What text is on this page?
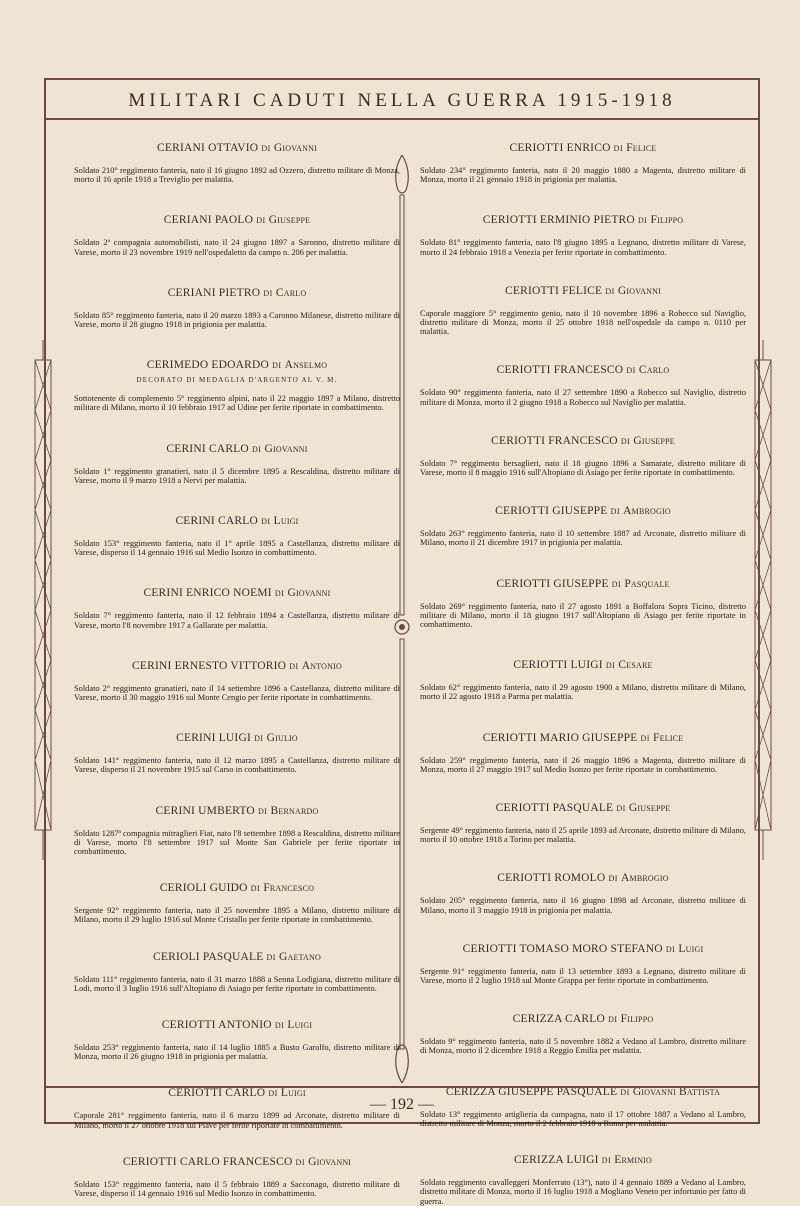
MILITARI CADUTI NELLA GUERRA 1915-1918
CERIANI OTTAVIO DI Giovanni

Soldato 210° reggimento fanteria, nato il 16 giugno 1892 ad Ozzero, distretto militare di Monza, morto il 16 aprile 1918 a Treviglio per malattia.

CERIANI PAOLO DI Giuseppe

Soldato 2ª compagnia automobilisti, nato il 24 giugno 1897 a Saronno, distretto militare di Varese, morto il 23 novembre 1919 nell'ospedaletto da campo n. 206 per malattia.

CERIANI PIETRO DI Carlo

Soldato 85° reggimento fanteria, nato il 20 marzo 1893 a Caronno Milanese, distretto militare di Varese, morto il 28 giugno 1918 in prigionia per malattia.

CERIMEDO EDOARDO DI Anselmo
DECORATO DI MEDAGLIA D'ARGENTO AL V. M.

Sottotenente di complemento 5° reggimento alpini, nato il 22 maggio 1897 a Milano, distretto militare di Milano, morto il 10 febbraio 1917 ad Udine per ferite riportate in combattimento.

CERINI CARLO DI Giovanni

Soldato 1° reggimento granatieri, nato il 5 dicembre 1895 a Rescaldina, distretto militare di Varese, morto il 9 marzo 1918 a Nervi per malattia.

CERINI CARLO DI Luigi

Soldato 153° reggimento fanteria, nato il 1° aprile 1895 a Castellanza, distretto militare di Varese, disperso il 14 gennaio 1916 sul Medio Isonzo in combattimento.

CERINI ENRICO NOEMI DI Giovanni

Soldato 7° reggimento fanteria, nato il 12 febbraio 1894 a Castellanza, distretto militare di Varese, morto l'8 novembre 1917 a Gallarate per malattia.

CERINI ERNESTO VITTORIO DI Antonio

Soldato 2° reggimento granatieri, nato il 14 settembre 1896 a Castellanza, distretto militare di Varese, morto il 30 maggio 1916 sul Monte Cengio per ferite riportate in combattimento.

CERINI LUIGI DI Giulio

Soldato 141° reggimento fanteria, nato il 12 marzo 1895 a Castellanza, distretto militare di Varese, disperso il 21 novembre 1915 sul Carso in combattimento.

CERINI UMBERTO DI Bernardo

Soldato 1287ª compagnia mitraglieri Fiat, nato l'8 settembre 1898 a Rescaldina, distretto militare di Varese, morto l'8 settembre 1917 sul Monte San Gabriele per ferite riportate in combattimento.

CERIOLI GUIDO DI Francesco

Sergente 92° reggimento fanteria, nato il 25 novembre 1895 a Milano, distretto militare di Milano, morto il 29 luglio 1916 sul Monte Cristallo per ferite riportate in combattimento.

CERIOLI PASQUALE DI Gaetano

Soldato 111° reggimento fanteria, nato il 31 marzo 1888 a Senna Lodigiana, distretto militare di Lodi, morto il 3 luglio 1916 sull'Altopiano di Asiago per ferite riportate in combattimento.

CERIOTTI ANTONIO DI Luigi

Soldato 253° reggimento fanteria, nato il 14 luglio 1885 a Busto Garolfo, distretto militare di Monza, morto il 26 giugno 1918 in prigionia per malattia.

CERIOTTI CARLO DI Luigi

Caporale 281° reggimento fanteria, nato il 6 marzo 1899 ad Arconate, distretto militare di Milano, morto il 27 ottobre 1918 sul Piave per ferite riportate in combattimento.

CERIOTTI CARLO FRANCESCO DI Giovanni

Soldato 153° reggimento fanteria, nato il 5 febbraio 1889 a Sacconago, distretto militare di Varese, disperso il 14 gennaio 1916 sul Medio Isonzo in combattimento.

CERIOTTI ENRICO DI Felice

Soldato 234° reggimento fanteria, nato il 20 maggio 1880 a Magenta, distretto militare di Monza, morto il 21 gennaio 1918 in prigionia per malattia.

CERIOTTI ERMINIO PIETRO DI Filippo

Soldato 81° reggimento fanteria, nato l'8 giugno 1895 a Legnano, distretto militare di Varese, morto il 24 febbraio 1918 a Venezia per ferite riportate in combattimento.

CERIOTTI FELICE DI Giovanni

Caporale maggiore 5° reggimento genio, nato il 10 novembre 1896 a Robecco sul Naviglio, distretto militare di Monza, morto il 25 ottobre 1918 nell'ospedale da campo n. 0110 per malattia.

CERIOTTI FRANCESCO DI Carlo

Soldato 90° reggimento fanteria, nato il 27 settembre 1890 a Robecco sul Naviglio, distretto militare di Monza, morto il 2 giugno 1918 a Robecco sul Naviglio per malattia.

CERIOTTI FRANCESCO DI Giuseppe

Soldato 7° reggimento bersaglieri, nato il 18 giugno 1896 a Samarate, distretto militare di Varese, morto il 8 maggio 1916 sull'Altopiano di Asiago per ferite riportate in combattimento.

CERIOTTI GIUSEPPE DI Ambrogio

Soldato 263° reggimento fanteria, nato il 10 settembre 1887 ad Arconate, distretto militare di Milano, morto il 21 dicembre 1917 in prigionia per malattia.

CERIOTTI GIUSEPPE DI Pasquale

Soldato 269° reggimento fanteria, nato il 27 agosto 1891 a Boffalora Sopra Ticino, distretto militare di Milano, morto il 18 giugno 1917 sull'Altopiano di Asiago per ferite riportate in combattimento.

CERIOTTI LUIGI DI Cesare

Soldato 62° reggimento fanteria, nato il 29 agosto 1900 a Milano, distretto militare di Milano, morto il 22 agosto 1918 a Parma per malattia.

CERIOTTI MARIO GIUSEPPE DI Felice

Soldato 259° reggimento fanteria, nato il 26 maggio 1896 a Magenta, distretto militare di Monza, morto il 27 maggio 1917 sul Medio Isonzo per ferite riportate in combattimento.

CERIOTTI PASQUALE DI Giuseppe

Sergente 49° reggimento fanteria, nato il 25 aprile 1893 ad Arconate, distretto militare di Milano, morto il 10 ottobre 1918 a Torino per malattia.

CERIOTTI ROMOLO DI Ambrogio

Soldato 205° reggimento fanteria, nato il 16 giugno 1898 ad Arconate, distretto militare di Milano, morto il 3 maggio 1918 in prigionia per malattia.

CERIOTTI TOMASO MORO STEFANO DI Luigi

Sergente 91° reggimento fanteria, nato il 13 settembre 1893 a Legnano, distretto militare di Varese, morto il 2 luglio 1918 sul Monte Grappa per ferite riportate in combattimento.

CERIZZA CARLO DI Filippo

Soldato 9° reggimento fanteria, nato il 5 novembre 1882 a Vedano al Lambro, distretto militare di Monza, morto il 2 dicembre 1918 a Reggio Emilia per malattia.

CERIZZA GIUSEPPE PASQUALE DI Giovanni Battista

Soldato 13° reggimento artiglieria da campagna, nato il 17 ottobre 1887 a Vedano al Lambro, distretto militare di Monza, morto il 2 febbraio 1918 a Roma per malattia.

CERIZZA LUIGI DI Erminio

Soldato reggimento cavalleggeri Monferrato (13°), nato il 4 gennaio 1889 a Vedano al Lambro, distretto militare di Monza, morto il 16 luglio 1918 a Mogliano Veneto per infortunio per fatto di guerra.

— 192 —
